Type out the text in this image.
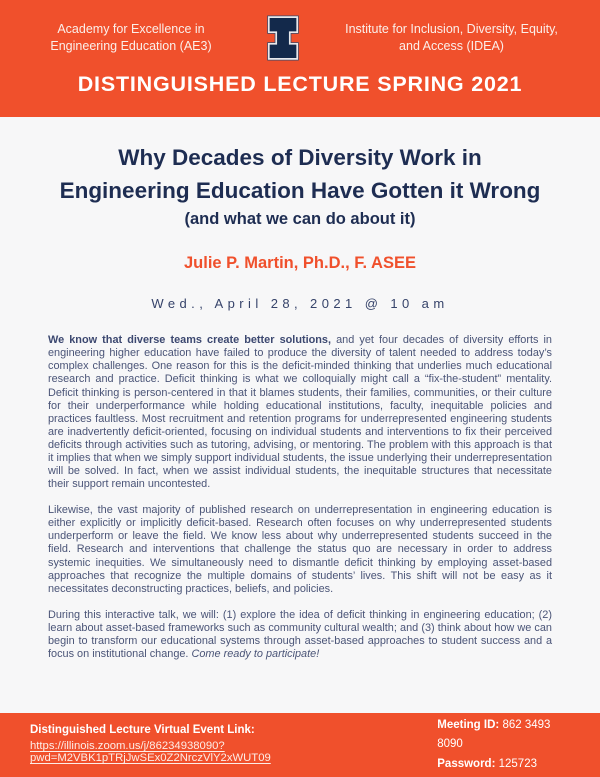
Academy for Excellence in Engineering Education (AE3)
Institute for Inclusion, Diversity, Equity, and Access (IDEA)
DISTINGUISHED LECTURE SPRING 2021
Why Decades of Diversity Work in
Engineering Education Have Gotten it Wrong
(and what we can do about it)
Julie P. Martin, Ph.D., F. ASEE
Wed., April 28, 2021 @ 10 am

We know that diverse teams create better solutions, and yet four decades of diversity efforts in engineering higher education have failed to produce the diversity of talent needed to address today’s complex challenges. One reason for this is the deficit-minded thinking that underlies much educational research and practice. Deficit thinking is what we colloquially might call a “fix-the-student” mentality. Deficit thinking is person-centered in that it blames students, their families, communities, or their culture for their underperformance while holding educational institutions, faculty, inequitable policies and practices faultless. Most recruitment and retention programs for underrepresented engineering students are inadvertently deficit-oriented, focusing on individual students and interventions to fix their perceived deficits through activities such as tutoring, advising, or mentoring. The problem with this approach is that it implies that when we simply support individual students, the issue underlying their underrepresentation will be solved. In fact, when we assist individual students, the inequitable structures that necessitate their support remain uncontested.

Likewise, the vast majority of published research on underrepresentation in engineering education is either explicitly or implicitly deficit-based. Research often focuses on why underrepresented students underperform or leave the field. We know less about why underrepresented students succeed in the field. Research and interventions that challenge the status quo are necessary in order to address systemic inequities. We simultaneously need to dismantle deficit thinking by employing asset-based approaches that recognize the multiple domains of students’ lives. This shift will not be easy as it necessitates deconstructing practices, beliefs, and policies.

During this interactive talk, we will: (1) explore the idea of deficit thinking in engineering education; (2) learn about asset-based frameworks such as community cultural wealth; and (3) think about how we can begin to transform our educational systems through asset-based approaches to student success and a focus on institutional change. Come ready to participate!

Distinguished Lecture Virtual Event Link:
https://illinois.zoom.us/j/86234938090?pwd=M2VBK1pTRjJwSEx0Z2NrczVlY2xWUT09
Meeting ID: 862 3493 8090
Password: 125723
